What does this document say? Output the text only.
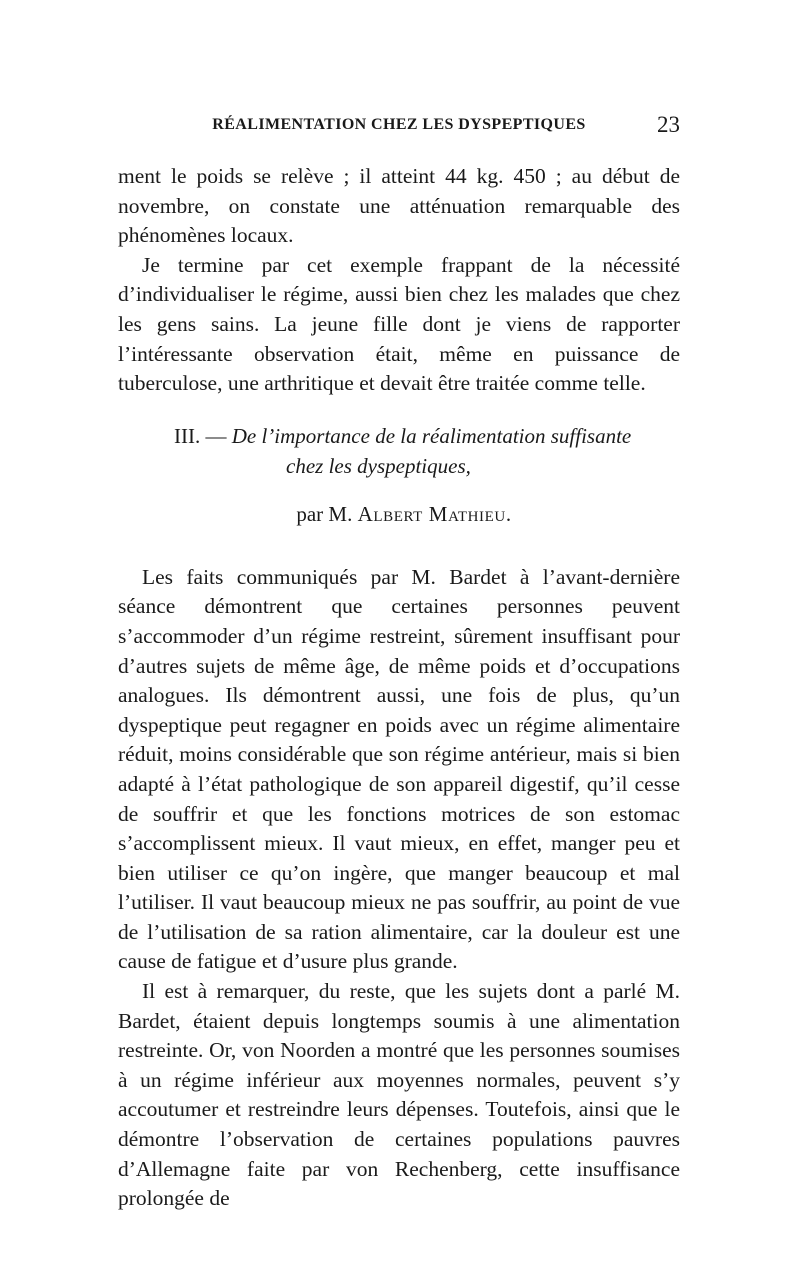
RÉALIMENTATION CHEZ LES DYSPEPTIQUES	23

ment le poids se relève ; il atteint 44 kg. 450 ; au début de novembre, on constate une atténuation remarquable des phénomènes locaux.

Je termine par cet exemple frappant de la nécessité d’individualiser le régime, aussi bien chez les malades que chez les gens sains. La jeune fille dont je viens de rapporter l’intéressante observation était, même en puissance de tuberculose, une arthritique et devait être traitée comme telle.

III. — De l’importance de la réalimentation suffisante
chez les dyspeptiques,
par M. Albert Mathieu.

Les faits communiqués par M. Bardet à l’avant-dernière séance démontrent que certaines personnes peuvent s’accommoder d’un régime restreint, sûrement insuffisant pour d’autres sujets de même âge, de même poids et d’occupations analogues. Ils démontrent aussi, une fois de plus, qu’un dyspeptique peut regagner en poids avec un régime alimentaire réduit, moins considérable que son régime antérieur, mais si bien adapté à l’état pathologique de son appareil digestif, qu’il cesse de souffrir et que les fonctions motrices de son estomac s’accomplissent mieux. Il vaut mieux, en effet, manger peu et bien utiliser ce qu’on ingère, que manger beaucoup et mal l’utiliser. Il vaut beaucoup mieux ne pas souffrir, au point de vue de l’utilisation de sa ration alimentaire, car la douleur est une cause de fatigue et d’usure plus grande.

Il est à remarquer, du reste, que les sujets dont a parlé M. Bardet, étaient depuis longtemps soumis à une alimentation restreinte. Or, von Noorden a montré que les personnes soumises à un régime inférieur aux moyennes normales, peuvent s’y accoutumer et restreindre leurs dépenses. Toutefois, ainsi que le démontre l’observation de certaines populations pauvres d’Allemagne faite par von Rechenberg, cette insuffisance prolongée de
